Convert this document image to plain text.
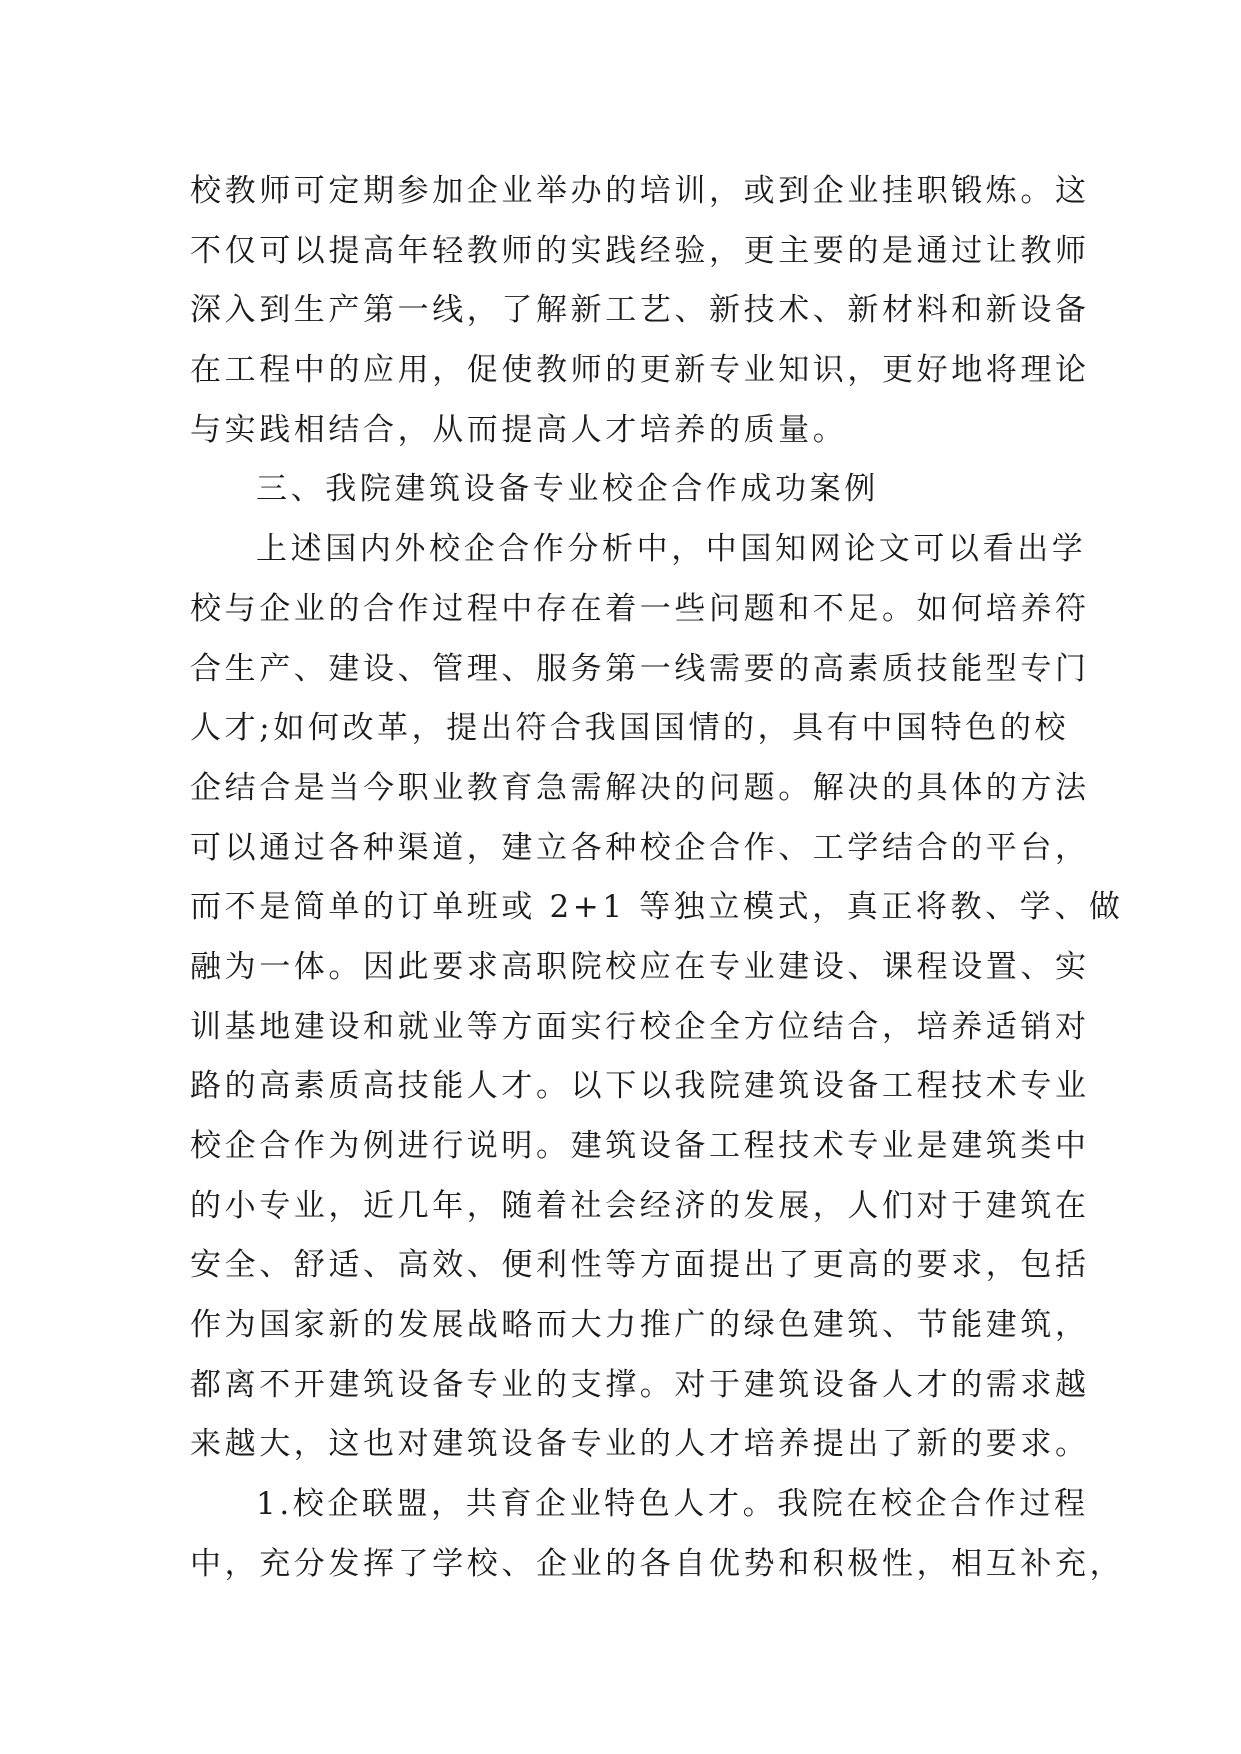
校教师可定期参加企业举办的培训，或到企业挂职锻炼。这
不仅可以提高年轻教师的实践经验，更主要的是通过让教师
深入到生产第一线，了解新工艺、新技术、新材料和新设备
在工程中的应用，促使教师的更新专业知识，更好地将理论
与实践相结合，从而提高人才培养的质量。
三、我院建筑设备专业校企合作成功案例
上述国内外校企合作分析中，中国知网论文可以看出学
校与企业的合作过程中存在着一些问题和不足。如何培养符
合生产、建设、管理、服务第一线需要的高素质技能型专门
人才;如何改革，提出符合我国国情的，具有中国特色的校
企结合是当今职业教育急需解决的问题。解决的具体的方法
可以通过各种渠道，建立各种校企合作、工学结合的平台，
而不是简单的订单班或 2+1 等独立模式，真正将教、学、做
融为一体。因此要求高职院校应在专业建设、课程设置、实
训基地建设和就业等方面实行校企全方位结合，培养适销对
路的高素质高技能人才。以下以我院建筑设备工程技术专业
校企合作为例进行说明。建筑设备工程技术专业是建筑类中
的小专业，近几年，随着社会经济的发展，人们对于建筑在
安全、舒适、高效、便利性等方面提出了更高的要求，包括
作为国家新的发展战略而大力推广的绿色建筑、节能建筑，
都离不开建筑设备专业的支撑。对于建筑设备人才的需求越
来越大，这也对建筑设备专业的人才培养提出了新的要求。
1.校企联盟，共育企业特色人才。我院在校企合作过程
中，充分发挥了学校、企业的各自优势和积极性，相互补充，
